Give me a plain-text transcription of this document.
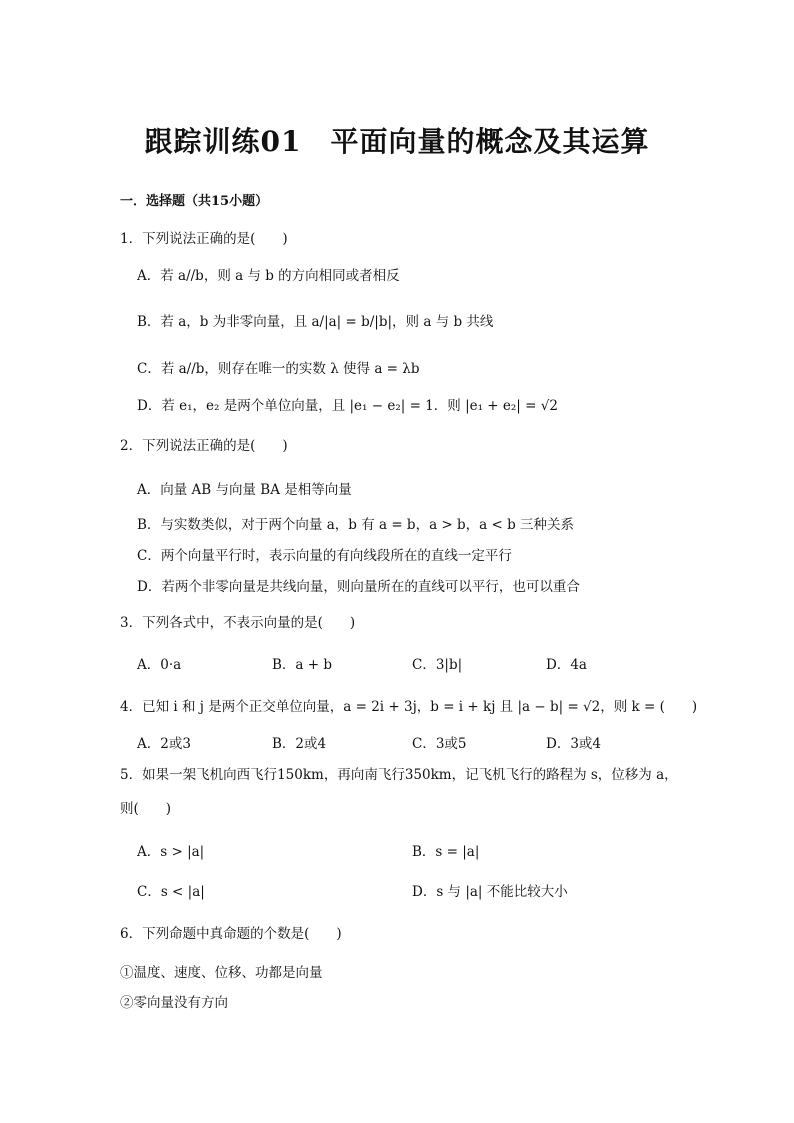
跟踪训练01　平面向量的概念及其运算
一．选择题（共15小题）
1．下列说法正确的是(　　)
A．若 a//b，则 a 与 b 的方向相同或者相反
B．若 a，b 为非零向量，且 a/|a| = b/|b|，则 a 与 b 共线
C．若 a//b，则存在唯一的实数 λ 使得 a = λb
D．若 e₁，e₂ 是两个单位向量，且 |e₁ − e₂| = 1．则 |e₁ + e₂| = √2
2．下列说法正确的是(　　)
A．向量 AB 与向量 BA 是相等向量
B．与实数类似，对于两个向量 a，b 有 a = b，a > b，a < b 三种关系
C．两个向量平行时，表示向量的有向线段所在的直线一定平行
D．若两个非零向量是共线向量，则向量所在的直线可以平行，也可以重合
3．下列各式中，不表示向量的是(　　)
A．0·a	B．a + b	C．3|b|	D．4a
4．已知 i 和 j 是两个正交单位向量，a = 2i + 3j，b = i + kj 且 |a − b| = √2，则 k = (　　)
A．2或3	B．2或4	C．3或5	D．3或4
5．如果一架飞机向西飞行150km，再向南飞行350km，记飞机飞行的路程为 s，位移为 a，
则(　　)
A．s > |a|	B．s = |a|
C．s < |a|	D．s 与 |a| 不能比较大小
6．下列命题中真命题的个数是(　　)
①温度、速度、位移、功都是向量
②零向量没有方向
